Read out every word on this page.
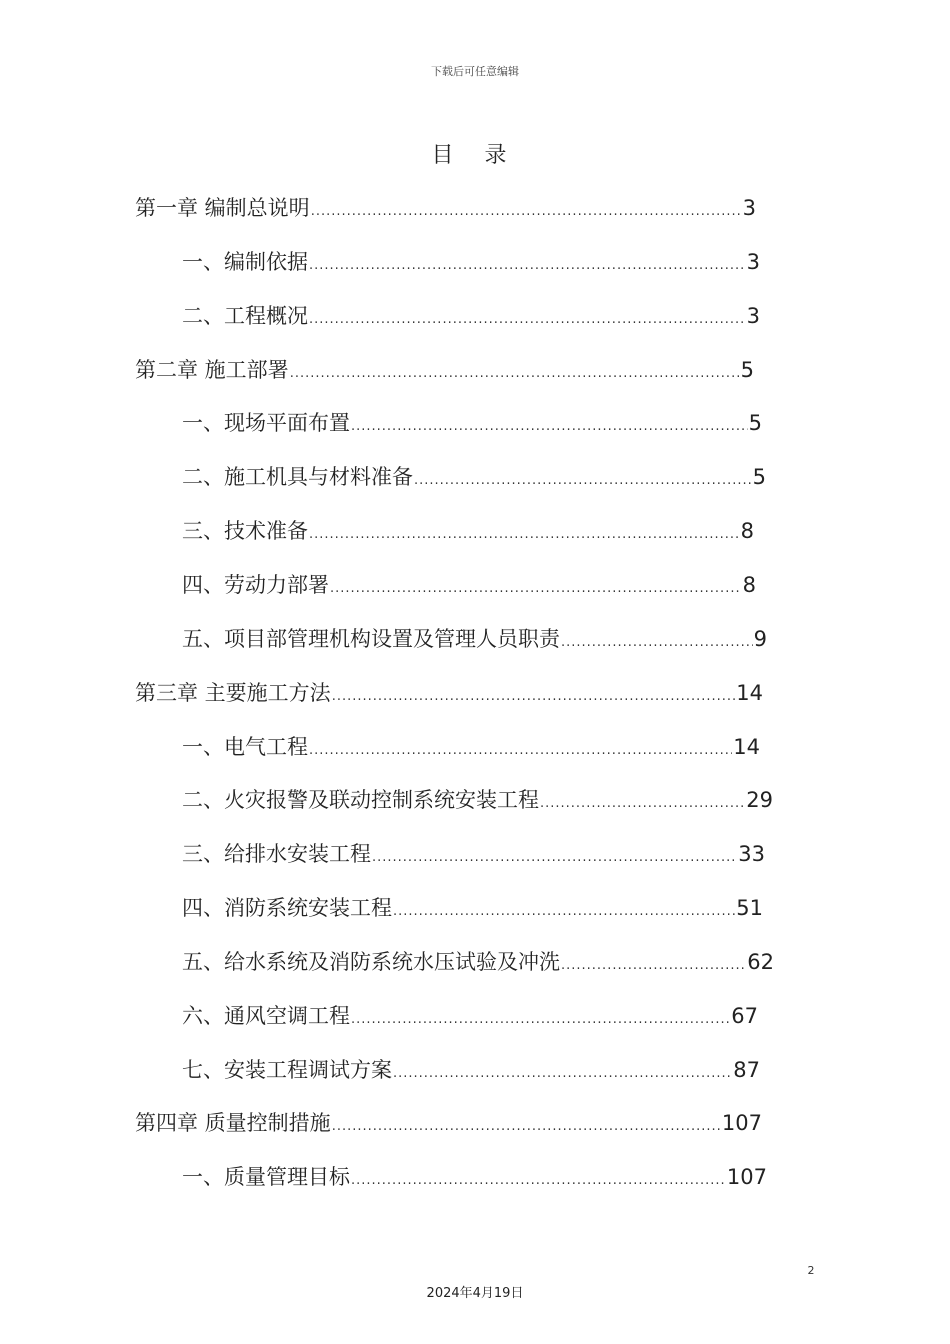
下载后可任意编辑
目 录
第一章 编制总说明 .....	3
一、编制依据 .....	3
二、工程概况 .....	3
第二章 施工部署 .....	5
一、现场平面布置 .....	5
二、施工机具与材料准备 .....	5
三、技术准备 .....	8
四、劳动力部署 .....	8
五、项目部管理机构设置及管理人员职责 .....	9
第三章 主要施工方法 .....	14
一、电气工程 .....	14
二、火灾报警及联动控制系统安装工程 .....	29
三、给排水安装工程 .....	33
四、消防系统安装工程 .....	51
五、给水系统及消防系统水压试验及冲洗 .....	62
六、通风空调工程 .....	67
七、安装工程调试方案 .....	87
第四章 质量控制措施 .....	107
一、质量管理目标 .....	107
2
2024年4月19日
